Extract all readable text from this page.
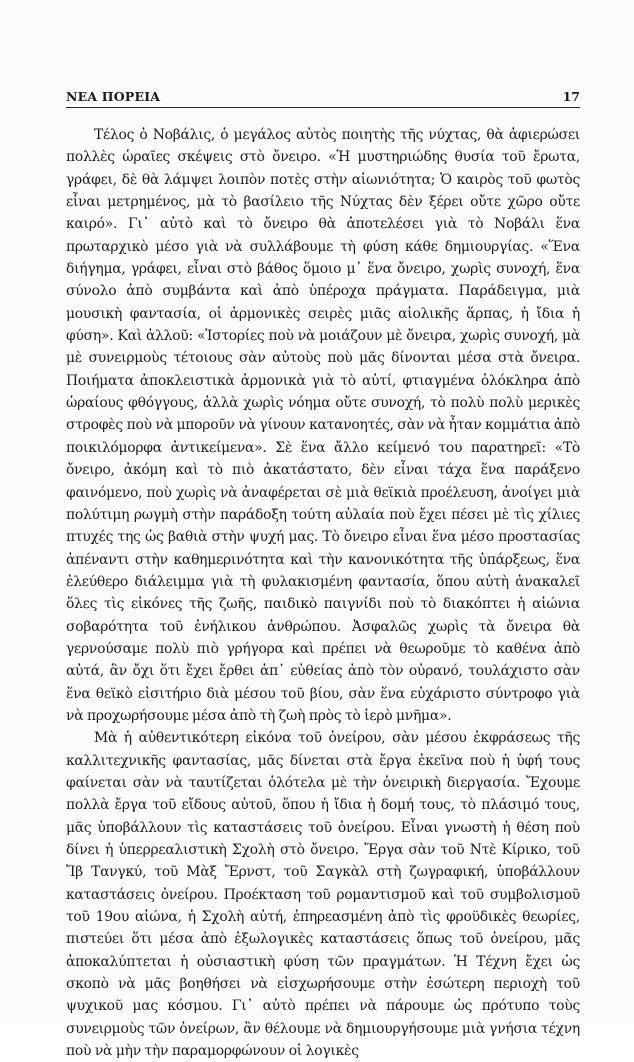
ΝΕΑ ΠΟΡΕΙΑ	17

Τέλος ὁ Νοβάλις, ὁ μεγάλος αὐτὸς ποιητὴς τῆς νύχτας, θὰ ἀφιερώσει πολλὲς ὡραῖες σκέψεις στὸ ὄνειρο. «Ἡ μυστηριώδης θυσία τοῦ ἔρωτα, γράφει, δὲ θὰ λάμψει λοιπὸν ποτὲς στὴν αἰωνιότητα; Ὁ καιρὸς τοῦ φωτὸς εἶναι μετρημένος, μὰ τὸ βασίλειο τῆς Νύχτας δὲν ξέρει οὔτε χῶρο οὔτε καιρό». Γι᾽ αὐτὸ καὶ τὸ ὄνειρο θὰ ἀποτελέσει γιὰ τὸ Νοβάλι ἕνα πρωταρχικὸ μέσο γιὰ νὰ συλλάβουμε τὴ φύση κάθε δημιουργίας. «Ἕνα διήγημα, γράφει, εἶναι στὸ βάθος ὅμοιο μ᾽ ἕνα ὄνειρο, χωρὶς συνοχή, ἕνα σύνολο ἀπὸ συμβάντα καὶ ἀπὸ ὑπέροχα πράγματα. Παράδειγμα, μιὰ μουσικὴ φαντασία, οἱ ἁρμονικὲς σειρὲς μιᾶς αἰολικῆς ἅρπας, ἡ ἴδια ἡ φύση». Καὶ ἀλλοῦ: «Ἱστορίες ποὺ νὰ μοιάζουν μὲ ὄνειρα, χωρὶς συνοχή, μὰ μὲ συνειρμοὺς τέτοιους σὰν αὐτοὺς ποὺ μᾶς δίνονται μέσα στὰ ὄνειρα. Ποιήματα ἀποκλειστικὰ ἁρμονικὰ γιὰ τὸ αὐτί, φτιαγμένα ὁλόκληρα ἀπὸ ὡραίους φθόγγους, ἀλλὰ χωρὶς νόημα οὔτε συνοχή, τὸ πολὺ πολὺ μερικὲς στροφὲς ποὺ νὰ μποροῦν νὰ γίνουν κατανοητές, σὰν νὰ ἦταν κομμάτια ἀπὸ ποικιλόμορφα ἀντικείμενα». Σὲ ἕνα ἄλλο κείμενό του παρατηρεῖ: «Τὸ ὄνειρο, ἀκόμη καὶ τὸ πιὸ ἀκατάστατο, δὲν εἶναι τάχα ἕνα παράξενο φαινόμενο, ποὺ χωρὶς νὰ ἀναφέρεται σὲ μιὰ θεϊκιὰ προέλευση, ἀνοίγει μιὰ πολύτιμη ρωγμὴ στὴν παράδοξη τούτη αὐλαία ποὺ ἔχει πέσει μὲ τὶς χίλιες πτυχές της ὡς βαθιὰ στὴν ψυχή μας. Τὸ ὄνειρο εἶναι ἕνα μέσο προστασίας ἀπέναντι στὴν καθημερινότητα καὶ τὴν κανονικότητα τῆς ὑπάρξεως, ἕνα ἐλεύθερο διάλειμμα γιὰ τὴ φυλακισμένη φαντασία, ὅπου αὐτὴ ἀνακαλεῖ ὅλες τὶς εἰκόνες τῆς ζωῆς, παιδικὸ παιγνίδι ποὺ τὸ διακόπτει ἡ αἰώνια σοβαρότητα τοῦ ἐνήλικου ἀνθρώπου. Ἀσφαλῶς χωρὶς τὰ ὄνειρα θὰ γερνούσαμε πολὺ πιὸ γρήγορα καὶ πρέπει νὰ θεωροῦμε τὸ καθένα ἀπὸ αὐτά, ἂν ὄχι ὅτι ἔχει ἔρθει ἀπ᾽ εὐθείας ἀπὸ τὸν οὐρανό, τουλάχιστο σὰν ἕνα θεϊκὸ εἰσιτήριο διὰ μέσου τοῦ βίου, σὰν ἕνα εὐχάριστο σύντροφο γιὰ νὰ προχωρήσουμε μέσα ἀπὸ τὴ ζωὴ πρὸς τὸ ἱερὸ μνῆμα».

Μὰ ἡ αὐθεντικότερη εἰκόνα τοῦ ὀνείρου, σὰν μέσου ἐκφράσεως τῆς καλλιτεχνικῆς φαντασίας, μᾶς δίνεται στὰ ἔργα ἐκεῖνα ποὺ ἡ ὑφή τους φαίνεται σὰν νὰ ταυτίζεται ὁλότελα μὲ τὴν ὀνειρικὴ διεργασία. Ἔχουμε πολλὰ ἔργα τοῦ εἴδους αὐτοῦ, ὅπου ἡ ἴδια ἡ δομή τους, τὸ πλάσιμό τους, μᾶς ὑποβάλλουν τὶς καταστάσεις τοῦ ὀνείρου. Εἶναι γνωστὴ ἡ θέση ποὺ δίνει ἡ ὑπερρεαλιστικὴ Σχολὴ στὸ ὄνειρο. Ἔργα σὰν τοῦ Ντὲ Κίρικο, τοῦ Ἴβ Τανγκύ, τοῦ Μὰξ Ἔρνστ, τοῦ Σαγκὰλ στὴ ζωγραφική, ὑποβάλλουν καταστάσεις ὀνείρου. Προέκταση τοῦ ρομαντισμοῦ καὶ τοῦ συμβολισμοῦ τοῦ 19ου αἰώνα, ἡ Σχολὴ αὐτή, ἐπηρεασμένη ἀπὸ τὶς φροϋδικὲς θεωρίες, πιστεύει ὅτι μέσα ἀπὸ ἐξωλογικὲς καταστάσεις ὅπως τοῦ ὀνείρου, μᾶς ἀποκαλύπτεται ἡ οὐσιαστικὴ φύση τῶν πραγμάτων. Ἡ Τέχνη ἔχει ὡς σκοπὸ νὰ μᾶς βοηθήσει νὰ εἰσχωρήσουμε στὴν ἐσώτερη περιοχὴ τοῦ ψυχικοῦ μας κόσμου. Γι᾽ αὐτὸ πρέπει νὰ πάρουμε ὡς πρότυπο τοὺς συνειρμοὺς τῶν ὀνείρων, ἂν θέλουμε νὰ δημιουργήσουμε μιὰ γνήσια τέχνη ποὺ νὰ μὴν τὴν παραμορφώνουν οἱ λογικὲς
